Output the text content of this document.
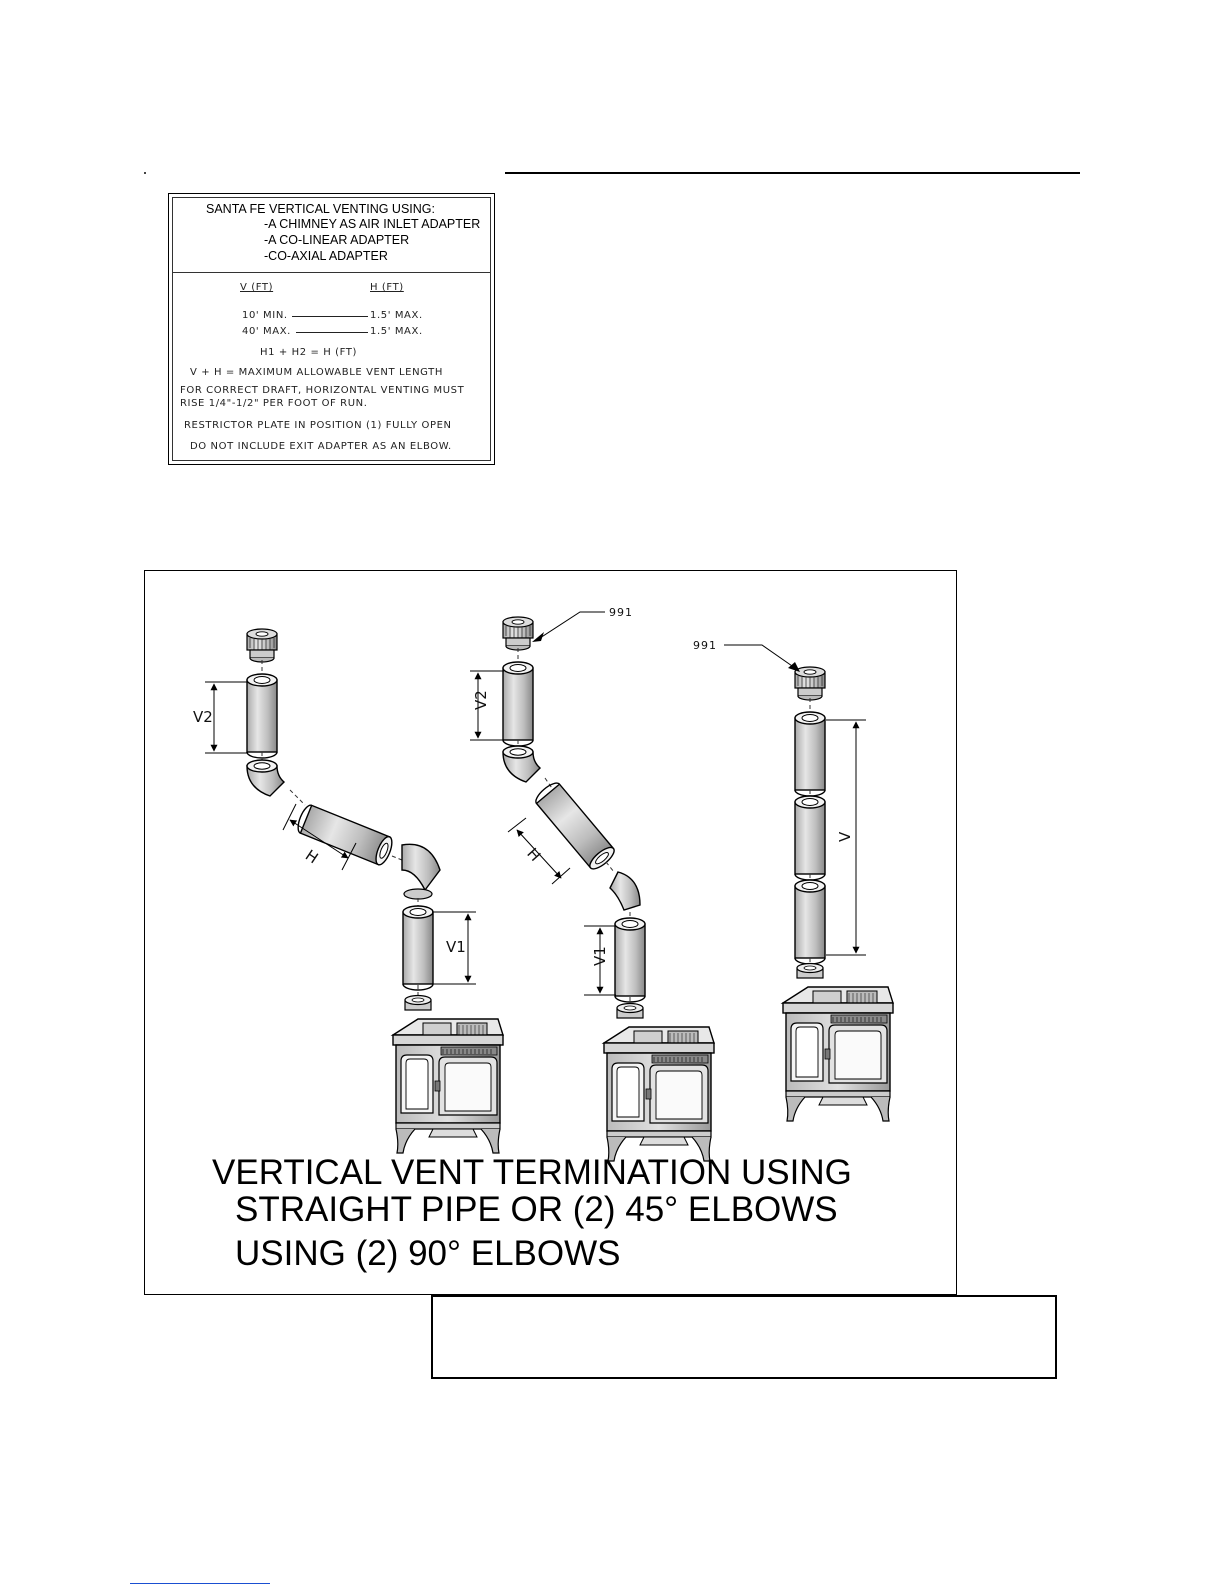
SANTA FE VERTICAL VENTING USING:
-A CHIMNEY AS AIR INLET ADAPTER
-A CO-LINEAR ADAPTER
-CO-AXIAL ADAPTER
V (FT)	H (FT)
10' MIN.	1.5' MAX.
40' MAX.	1.5' MAX.
H1 + H2 = H (FT)
V + H = MAXIMUM ALLOWABLE VENT LENGTH
FOR CORRECT DRAFT, HORIZONTAL VENTING MUST
RISE 1/4"-1/2" PER FOOT OF RUN.
RESTRICTOR PLATE IN POSITION (1) FULLY OPEN
DO NOT INCLUDE EXIT ADAPTER AS AN ELBOW.
V2
H
V1
V2
H
V1
V
991
991
VERTICAL VENT TERMINATION USING
STRAIGHT PIPE OR (2) 45° ELBOWS
USING (2) 90° ELBOWS
